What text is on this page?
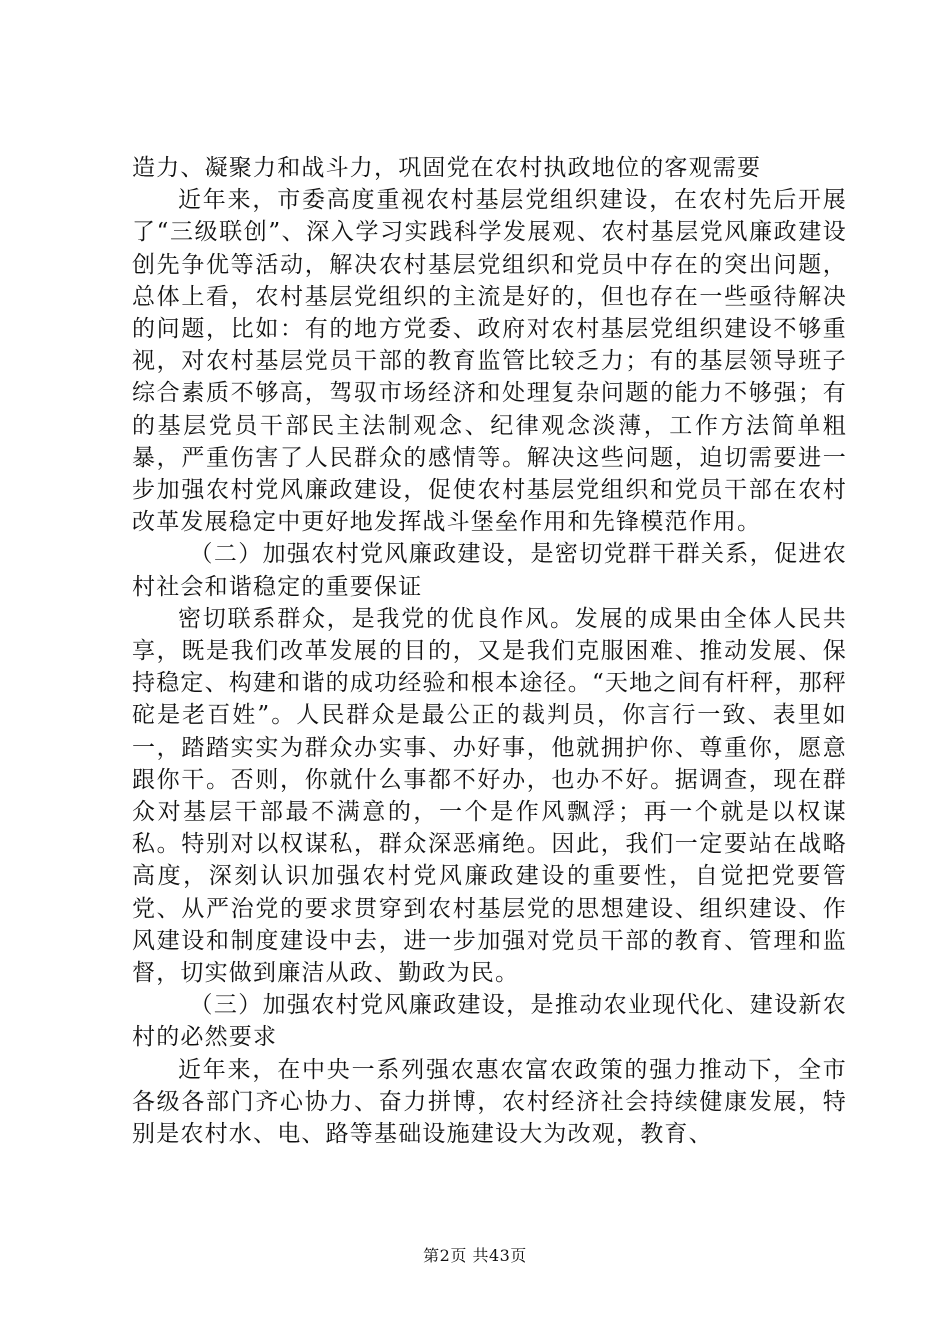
造力、凝聚力和战斗力，巩固党在农村执政地位的客观需要

近年来，市委高度重视农村基层党组织建设，在农村先后开展了“三级联创”、深入学习实践科学发展观、农村基层党风廉政建设创先争优等活动，解决农村基层党组织和党员中存在的突出问题，总体上看，农村基层党组织的主流是好的，但也存在一些亟待解决的问题，比如：有的地方党委、政府对农村基层党组织建设不够重视，对农村基层党员干部的教育监管比较乏力；有的基层领导班子综合素质不够高，驾驭市场经济和处理复杂问题的能力不够强；有的基层党员干部民主法制观念、纪律观念淡薄，工作方法简单粗暴，严重伤害了人民群众的感情等。解决这些问题，迫切需要进一步加强农村党风廉政建设，促使农村基层党组织和党员干部在农村改革发展稳定中更好地发挥战斗堡垒作用和先锋模范作用。

（二）加强农村党风廉政建设，是密切党群干群关系，促进农村社会和谐稳定的重要保证

密切联系群众，是我党的优良作风。发展的成果由全体人民共享，既是我们改革发展的目的，又是我们克服困难、推动发展、保持稳定、构建和谐的成功经验和根本途径。“天地之间有杆秤，那秤砣是老百姓”。人民群众是最公正的裁判员，你言行一致、表里如一，踏踏实实为群众办实事、办好事，他就拥护你、尊重你，愿意跟你干。否则，你就什么事都不好办，也办不好。据调查，现在群众对基层干部最不满意的，一个是作风飘浮；再一个就是以权谋私。特别对以权谋私，群众深恶痛绝。因此，我们一定要站在战略高度，深刻认识加强农村党风廉政建设的重要性，自觉把党要管党、从严治党的要求贯穿到农村基层党的思想建设、组织建设、作风建设和制度建设中去，进一步加强对党员干部的教育、管理和监督，切实做到廉洁从政、勤政为民。

（三）加强农村党风廉政建设，是推动农业现代化、建设新农村的必然要求

近年来，在中央一系列强农惠农富农政策的强力推动下，全市各级各部门齐心协力、奋力拼博，农村经济社会持续健康发展，特别是农村水、电、路等基础设施建设大为改观，教育、

第2页 共43页
